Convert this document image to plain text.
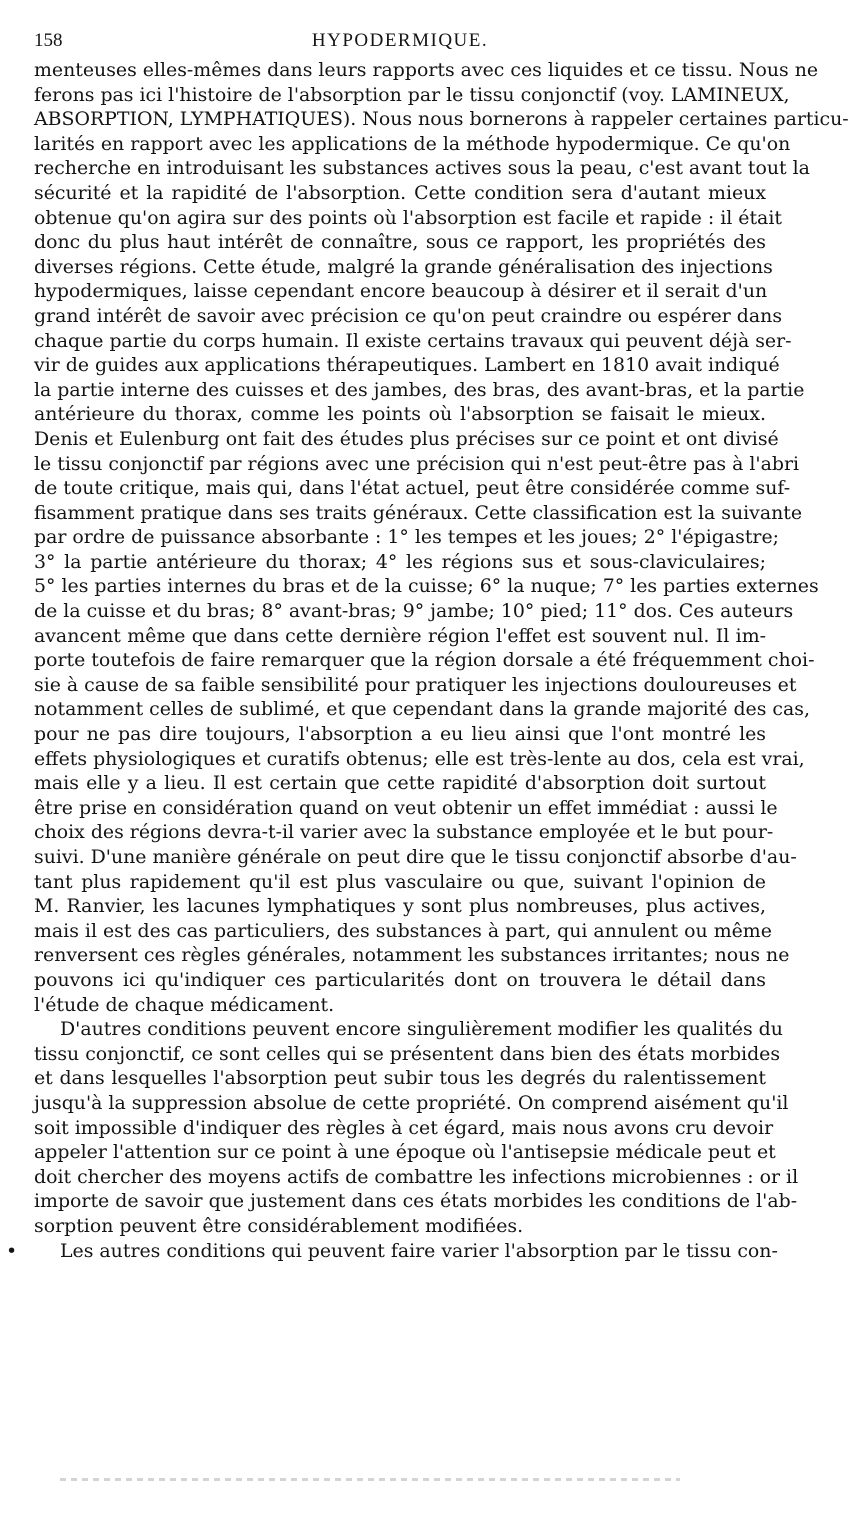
158	HYPODERMIQUE.
menteuses elles-mêmes dans leurs rapports avec ces liquides et ce tissu. Nous ne
ferons pas ici l'histoire de l'absorption par le tissu conjonctif (voy. LAMINEUX,
ABSORPTION, LYMPHATIQUES). Nous nous bornerons à rappeler certaines particu-
larités en rapport avec les applications de la méthode hypodermique. Ce qu'on
recherche en introduisant les substances actives sous la peau, c'est avant tout la
sécurité et la rapidité de l'absorption. Cette condition sera d'autant mieux
obtenue qu'on agira sur des points où l'absorption est facile et rapide : il était
donc du plus haut intérêt de connaître, sous ce rapport, les propriétés des
diverses régions. Cette étude, malgré la grande généralisation des injections
hypodermiques, laisse cependant encore beaucoup à désirer et il serait d'un
grand intérêt de savoir avec précision ce qu'on peut craindre ou espérer dans
chaque partie du corps humain. Il existe certains travaux qui peuvent déjà ser-
vir de guides aux applications thérapeutiques. Lambert en 1810 avait indiqué
la partie interne des cuisses et des jambes, des bras, des avant-bras, et la partie
antérieure du thorax, comme les points où l'absorption se faisait le mieux.
Denis et Eulenburg ont fait des études plus précises sur ce point et ont divisé
le tissu conjonctif par régions avec une précision qui n'est peut-être pas à l'abri
de toute critique, mais qui, dans l'état actuel, peut être considérée comme suf-
fisamment pratique dans ses traits généraux. Cette classification est la suivante
par ordre de puissance absorbante : 1° les tempes et les joues; 2° l'épigastre;
3° la partie antérieure du thorax; 4° les régions sus et sous-claviculaires;
5° les parties internes du bras et de la cuisse; 6° la nuque; 7° les parties externes
de la cuisse et du bras; 8° avant-bras; 9° jambe; 10° pied; 11° dos. Ces auteurs
avancent même que dans cette dernière région l'effet est souvent nul. Il im-
porte toutefois de faire remarquer que la région dorsale a été fréquemment choi-
sie à cause de sa faible sensibilité pour pratiquer les injections douloureuses et
notamment celles de sublimé, et que cependant dans la grande majorité des cas,
pour ne pas dire toujours, l'absorption a eu lieu ainsi que l'ont montré les
effets physiologiques et curatifs obtenus; elle est très-lente au dos, cela est vrai,
mais elle y a lieu. Il est certain que cette rapidité d'absorption doit surtout
être prise en considération quand on veut obtenir un effet immédiat : aussi le
choix des régions devra-t-il varier avec la substance employée et le but pour-
suivi. D'une manière générale on peut dire que le tissu conjonctif absorbe d'au-
tant plus rapidement qu'il est plus vasculaire ou que, suivant l'opinion de
M. Ranvier, les lacunes lymphatiques y sont plus nombreuses, plus actives,
mais il est des cas particuliers, des substances à part, qui annulent ou même
renversent ces règles générales, notamment les substances irritantes; nous ne
pouvons ici qu'indiquer ces particularités dont on trouvera le détail dans
l'étude de chaque médicament.
D'autres conditions peuvent encore singulièrement modifier les qualités du
tissu conjonctif, ce sont celles qui se présentent dans bien des états morbides
et dans lesquelles l'absorption peut subir tous les degrés du ralentissement
jusqu'à la suppression absolue de cette propriété. On comprend aisément qu'il
soit impossible d'indiquer des règles à cet égard, mais nous avons cru devoir
appeler l'attention sur ce point à une époque où l'antisepsie médicale peut et
doit chercher des moyens actifs de combattre les infections microbiennes : or il
importe de savoir que justement dans ces états morbides les conditions de l'ab-
sorption peuvent être considérablement modifiées.
• Les autres conditions qui peuvent faire varier l'absorption par le tissu con-
